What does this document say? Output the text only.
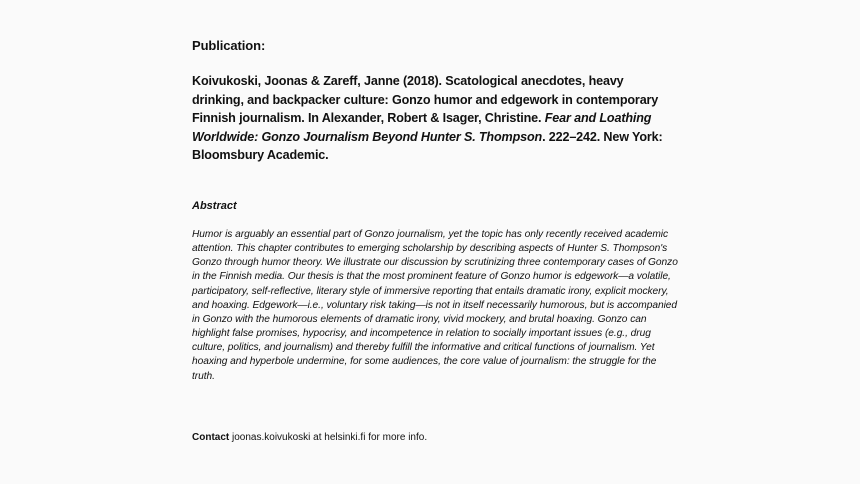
Publication:
Koivukoski, Joonas & Zareff, Janne (2018). Scatological anecdotes, heavy drinking, and backpacker culture: Gonzo humor and edgework in contemporary Finnish journalism. In Alexander, Robert & Isager, Christine. Fear and Loathing Worldwide: Gonzo Journalism Beyond Hunter S. Thompson. 222–242. New York: Bloomsbury Academic.
Abstract
Humor is arguably an essential part of Gonzo journalism, yet the topic has only recently received academic attention. This chapter contributes to emerging scholarship by describing aspects of Hunter S. Thompson's Gonzo through humor theory. We illustrate our discussion by scrutinizing three contemporary cases of Gonzo in the Finnish media. Our thesis is that the most prominent feature of Gonzo humor is edgework—a volatile, participatory, self-reflective, literary style of immersive reporting that entails dramatic irony, explicit mockery, and hoaxing. Edgework—i.e., voluntary risk taking—is not in itself necessarily humorous, but is accompanied in Gonzo with the humorous elements of dramatic irony, vivid mockery, and brutal hoaxing. Gonzo can highlight false promises, hypocrisy, and incompetence in relation to socially important issues (e.g., drug culture, politics, and journalism) and thereby fulfill the informative and critical functions of journalism. Yet hoaxing and hyperbole undermine, for some audiences, the core value of journalism: the struggle for the truth.
Contact joonas.koivukoski at helsinki.fi for more info.
